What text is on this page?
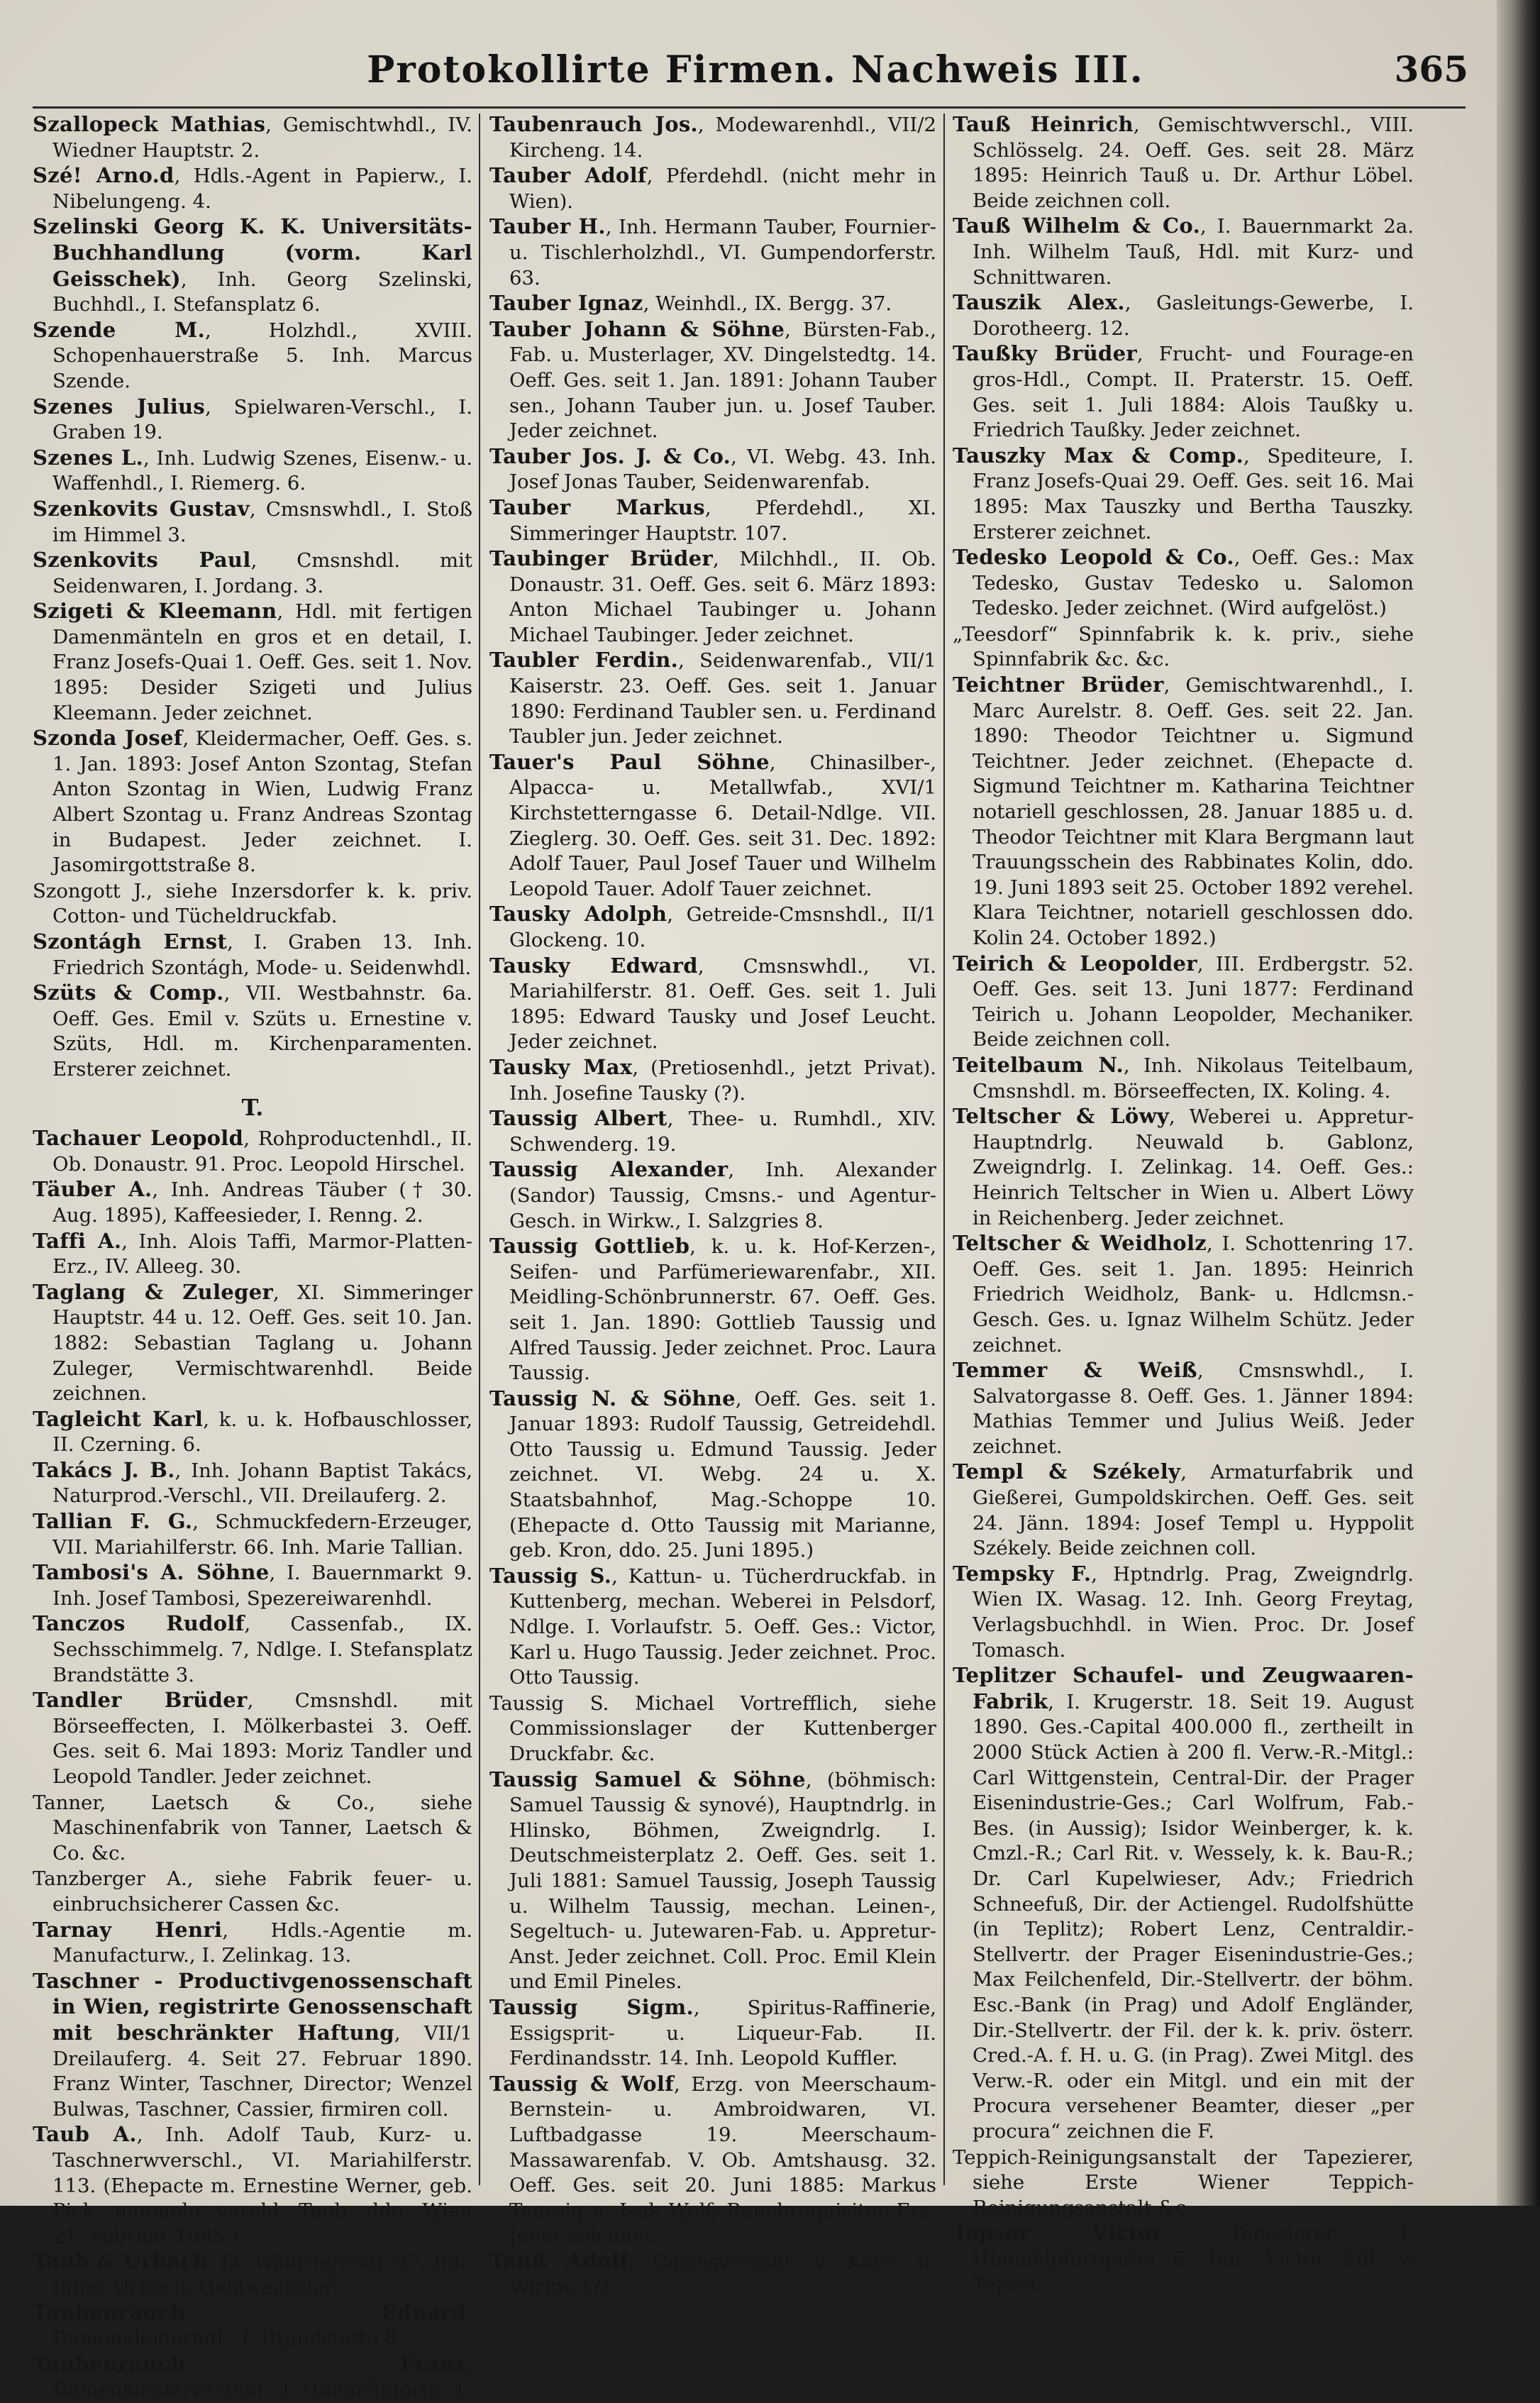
Protokollirte Firmen. Nachweis III.	365
Szallopeck Mathias, Gemischtwhdl., IV. Wiedner Hauptstr. 2.
Szé! Arno.d, Hdls.-Agent in Papierw., I. Nibelungeng. 4.
Szelinski Georg K. K. Universitäts-Buchhandlung (vorm. Karl Geisschek), Inh. Georg Szelinski, Buchhdl., I. Stefansplatz 6.
Szende M., Holzhdl., XVIII. Schopenhauerstraße 5. Inh. Marcus Szende.
Szenes Julius, Spielwaren-Verschl., I. Graben 19.
Szenes L., Inh. Ludwig Szenes, Eisenw.- u. Waffenhdl., I. Riemerg. 6.
Szenkovits Gustav, Cmsnswhdl., I. Stoß im Himmel 3.
Szenkovits Paul, Cmsnshdl. mit Seidenwaren, I. Jordang. 3.
Szigeti & Kleemann, Hdl. mit fertigen Damenmänteln en gros et en detail, I. Franz Josefs-Quai 1. Oeff. Ges. seit 1. Nov. 1895: Desider Szigeti und Julius Kleemann. Jeder zeichnet.
Szonda Josef, Kleidermacher, Oeff. Ges. s. 1. Jan. 1893: Josef Anton Szontag, Stefan Anton Szontag in Wien, Ludwig Franz Albert Szontag u. Franz Andreas Szontag in Budapest. Jeder zeichnet. I. Jasomirgottstraße 8.
Szongott J., siehe Inzersdorfer k. k. priv. Cotton- und Tücheldruckfab.
Szontágh Ernst, I. Graben 13. Inh. Friedrich Szontágh, Mode- u. Seidenwhdl.
Szüts & Comp., VII. Westbahnstr. 6a. Oeff. Ges. Emil v. Szüts u. Ernestine v. Szüts, Hdl. m. Kirchenparamenten. Ersterer zeichnet.
T.
Tachauer Leopold, Rohproductenhdl., II. Ob. Donaustr. 91. Proc. Leopold Hirschel.
Täuber A., Inh. Andreas Täuber († 30. Aug. 1895), Kaffeesieder, I. Renng. 2.
Taffi A., Inh. Alois Taffi, Marmor-Platten-Erz., IV. Alleeg. 30.
Taglang & Zuleger, XI. Simmeringer Hauptstr. 44 u. 12. Oeff. Ges. seit 10. Jan. 1882: Sebastian Taglang u. Johann Zuleger, Vermischtwarenhdl. Beide zeichnen.
Tagleicht Karl, k. u. k. Hofbauschlosser, II. Czerning. 6.
Takács J. B., Inh. Johann Baptist Takács, Naturprod.-Verschl., VII. Dreilauferg. 2.
Tallian F. G., Schmuckfedern-Erzeuger, VII. Mariahilferstr. 66. Inh. Marie Tallian.
Tambosi's A. Söhne, I. Bauernmarkt 9. Inh. Josef Tambosi, Spezereiwarenhdl.
Tanczos Rudolf, Cassenfab., IX. Sechsschimmelg. 7, Ndlge. I. Stefansplatz Brandstätte 3.
Tandler Brüder, Cmsnshdl. mit Börseeffecten, I. Mölkerbastei 3. Oeff. Ges. seit 6. Mai 1893: Moriz Tandler und Leopold Tandler. Jeder zeichnet.
Tanner, Laetsch & Co., siehe Maschinenfabrik von Tanner, Laetsch & Co. &c.
Tanzberger A., siehe Fabrik feuer- u. einbruchsicherer Cassen &c.
Tarnay Henri, Hdls.-Agentie m. Manufacturw., I. Zelinkag. 13.
Taschner - Productivgenossenschaft in Wien, registrirte Genossenschaft mit beschränkter Haftung, VII/1 Dreilauferg. 4. Seit 27. Februar 1890. Franz Winter, Taschner, Director; Wenzel Bulwas, Taschner, Cassier, firmiren coll.
Taub A., Inh. Adolf Taub, Kurz- u. Taschnerwverschl., VI. Mariahilferstr. 113. (Ehepacte m. Ernestine Werner, geb. Pick, nunmehr verehl. Taub, ddo. Wien 21. Februar 1885.)
Taub & Urbach, IX. Währingerstr. 27. Inh. Ignaz Urbach, Geldwechsler.
Taubenrauch Eduard, Damenkleiderhdl., I. Brandstätte 8.
Taubenrauch Franz, Damenkleiderverschl., I. Himmelpfortg. 1.
Taubenrauch Jos., Modewarenhdl., VII/2 Kircheng. 14.
Tauber Adolf, Pferdehdl. (nicht mehr in Wien).
Tauber H., Inh. Hermann Tauber, Fournier- u. Tischlerholzhdl., VI. Gumpendorferstr. 63.
Tauber Ignaz, Weinhdl., IX. Bergg. 37.
Tauber Johann & Söhne, Bürsten-Fab., Fab. u. Musterlager, XV. Dingelstedtg. 14. Oeff. Ges. seit 1. Jan. 1891: Johann Tauber sen., Johann Tauber jun. u. Josef Tauber. Jeder zeichnet.
Tauber Jos. J. & Co., VI. Webg. 43. Inh. Josef Jonas Tauber, Seidenwarenfab.
Tauber Markus, Pferdehdl., XI. Simmeringer Hauptstr. 107.
Taubinger Brüder, Milchhdl., II. Ob. Donaustr. 31. Oeff. Ges. seit 6. März 1893: Anton Michael Taubinger u. Johann Michael Taubinger. Jeder zeichnet.
Taubler Ferdin., Seidenwarenfab., VII/1 Kaiserstr. 23. Oeff. Ges. seit 1. Januar 1890: Ferdinand Taubler sen. u. Ferdinand Taubler jun. Jeder zeichnet.
Tauer's Paul Söhne, Chinasilber-, Alpacca- u. Metallwfab., XVI/1 Kirchstetterngasse 6. Detail-Ndlge. VII. Zieglerg. 30. Oeff. Ges. seit 31. Dec. 1892: Adolf Tauer, Paul Josef Tauer und Wilhelm Leopold Tauer. Adolf Tauer zeichnet.
Tausky Adolph, Getreide-Cmsnshdl., II/1 Glockeng. 10.
Tausky Edward, Cmsnswhdl., VI. Mariahilferstr. 81. Oeff. Ges. seit 1. Juli 1895: Edward Tausky und Josef Leucht. Jeder zeichnet.
Tausky Max, (Pretiosenhdl., jetzt Privat). Inh. Josefine Tausky (?).
Taussig Albert, Thee- u. Rumhdl., XIV. Schwenderg. 19.
Taussig Alexander, Inh. Alexander (Sandor) Taussig, Cmsns.- und Agentur-Gesch. in Wirkw., I. Salzgries 8.
Taussig Gottlieb, k. u. k. Hof-Kerzen-, Seifen- und Parfümeriewarenfabr., XII. Meidling-Schönbrunnerstr. 67. Oeff. Ges. seit 1. Jan. 1890: Gottlieb Taussig und Alfred Taussig. Jeder zeichnet. Proc. Laura Taussig.
Taussig N. & Söhne, Oeff. Ges. seit 1. Januar 1893: Rudolf Taussig, Getreidehdl. Otto Taussig u. Edmund Taussig. Jeder zeichnet. VI. Webg. 24 u. X. Staatsbahnhof, Mag.-Schoppe 10. (Ehepacte d. Otto Taussig mit Marianne, geb. Kron, ddo. 25. Juni 1895.)
Taussig S., Kattun- u. Tücherdruckfab. in Kuttenberg, mechan. Weberei in Pelsdorf, Ndlge. I. Vorlaufstr. 5. Oeff. Ges.: Victor, Karl u. Hugo Taussig. Jeder zeichnet. Proc. Otto Taussig.
Taussig S. Michael Vortrefflich, siehe Commissionslager der Kuttenberger Druckfabr. &c.
Taussig Samuel & Söhne, (böhmisch: Samuel Taussig & synové), Hauptndrlg. in Hlinsko, Böhmen, Zweigndrlg. I. Deutschmeisterplatz 2. Oeff. Ges. seit 1. Juli 1881: Samuel Taussig, Joseph Taussig u. Wilhelm Taussig, mechan. Leinen-, Segeltuch- u. Jutewaren-Fab. u. Appretur-Anst. Jeder zeichnet. Coll. Proc. Emil Klein und Emil Pineles.
Taussig Sigm., Spiritus-Raffinerie, Essigsprit- u. Liqueur-Fab. II. Ferdinandsstr. 14. Inh. Leopold Kuffler.
Taussig & Wolf, Erzg. von Meerschaum-Bernstein- u. Ambroidwaren, VI. Luftbadgasse 19. Meerschaum-Massawarenfab. V. Ob. Amtshausg. 32. Oeff. Ges. seit 20. Juni 1885: Markus Taussig u. Isak Wolf, Rauchrequisiten-Erz. Jeder zeichnet.
Tauß Adolf, Cmsnsverschl. v. Kurz- u. Wirkw. (?).
Tauß Heinrich, Gemischtwverschl., VIII. Schlösselg. 24. Oeff. Ges. seit 28. März 1895: Heinrich Tauß u. Dr. Arthur Löbel. Beide zeichnen coll.
Tauß Wilhelm & Co., I. Bauernmarkt 2a. Inh. Wilhelm Tauß, Hdl. mit Kurz- und Schnittwaren.
Tauszik Alex., Gasleitungs-Gewerbe, I. Dorotheerg. 12.
Taußky Brüder, Frucht- und Fourage-en gros-Hdl., Compt. II. Praterstr. 15. Oeff. Ges. seit 1. Juli 1884: Alois Taußky u. Friedrich Taußky. Jeder zeichnet.
Tauszky Max & Comp., Spediteure, I. Franz Josefs-Quai 29. Oeff. Ges. seit 16. Mai 1895: Max Tauszky und Bertha Tauszky. Ersterer zeichnet.
Tedesko Leopold & Co., Oeff. Ges.: Max Tedesko, Gustav Tedesko u. Salomon Tedesko. Jeder zeichnet. (Wird aufgelöst.)
„Teesdorf“ Spinnfabrik k. k. priv., siehe Spinnfabrik &c. &c.
Teichtner Brüder, Gemischtwarenhdl., I. Marc Aurelstr. 8. Oeff. Ges. seit 22. Jan. 1890: Theodor Teichtner u. Sigmund Teichtner. Jeder zeichnet. (Ehepacte d. Sigmund Teichtner m. Katharina Teichtner notariell geschlossen, 28. Januar 1885 u. d. Theodor Teichtner mit Klara Bergmann laut Trauungsschein des Rabbinates Kolin, ddo. 19. Juni 1893 seit 25. October 1892 verehel. Klara Teichtner, notariell geschlossen ddo. Kolin 24. October 1892.)
Teirich & Leopolder, III. Erdbergstr. 52. Oeff. Ges. seit 13. Juni 1877: Ferdinand Teirich u. Johann Leopolder, Mechaniker. Beide zeichnen coll.
Teitelbaum N., Inh. Nikolaus Teitelbaum, Cmsnshdl. m. Börseeffecten, IX. Koling. 4.
Teltscher & Löwy, Weberei u. Appretur-Hauptndrlg. Neuwald b. Gablonz, Zweigndrlg. I. Zelinkag. 14. Oeff. Ges.: Heinrich Teltscher in Wien u. Albert Löwy in Reichenberg. Jeder zeichnet.
Teltscher & Weidholz, I. Schottenring 17. Oeff. Ges. seit 1. Jan. 1895: Heinrich Friedrich Weidholz, Bank- u. Hdlcmsn.-Gesch. Ges. u. Ignaz Wilhelm Schütz. Jeder zeichnet.
Temmer & Weiß, Cmsnswhdl., I. Salvatorgasse 8. Oeff. Ges. 1. Jänner 1894: Mathias Temmer und Julius Weiß. Jeder zeichnet.
Templ & Székely, Armaturfabrik und Gießerei, Gumpoldskirchen. Oeff. Ges. seit 24. Jänn. 1894: Josef Templ u. Hyppolit Székely. Beide zeichnen coll.
Tempsky F., Hptndrlg. Prag, Zweigndrlg. Wien IX. Wasag. 12. Inh. Georg Freytag, Verlagsbuchhdl. in Wien. Proc. Dr. Josef Tomasch.
Teplitzer Schaufel- und Zeugwaaren-Fabrik, I. Krugerstr. 18. Seit 19. August 1890. Ges.-Capital 400.000 fl., zertheilt in 2000 Stück Actien à 200 fl. Verw.-R.-Mitgl.: Carl Wittgenstein, Central-Dir. der Prager Eisenindustrie-Ges.; Carl Wolfrum, Fab.-Bes. (in Aussig); Isidor Weinberger, k. k. Cmzl.-R.; Carl Rit. v. Wessely, k. k. Bau-R.; Dr. Carl Kupelwieser, Adv.; Friedrich Schneefuß, Dir. der Actiengel. Rudolfshütte (in Teplitz); Robert Lenz, Centraldir.-Stellvertr. der Prager Eisenindustrie-Ges.; Max Feilchenfeld, Dir.-Stellvertr. der böhm. Esc.-Bank (in Prag) und Adolf Engländer, Dir.-Stellvertr. der Fil. der k. k. priv. österr. Cred.-A. f. H. u. G. (in Prag). Zwei Mitgl. des Verw.-R. oder ein Mitgl. und ein mit der Procura versehener Beamter, dieser „per procura“ zeichnen die F.
Teppich-Reinigungsanstalt der Tapezierer, siehe Erste Wiener Teppich-Reinigungsanstalt &c.
Tepser Victor, Tapezierer, I. Himmelpfortgasse 6. Inh. Victor Edl. v. Tepser.
